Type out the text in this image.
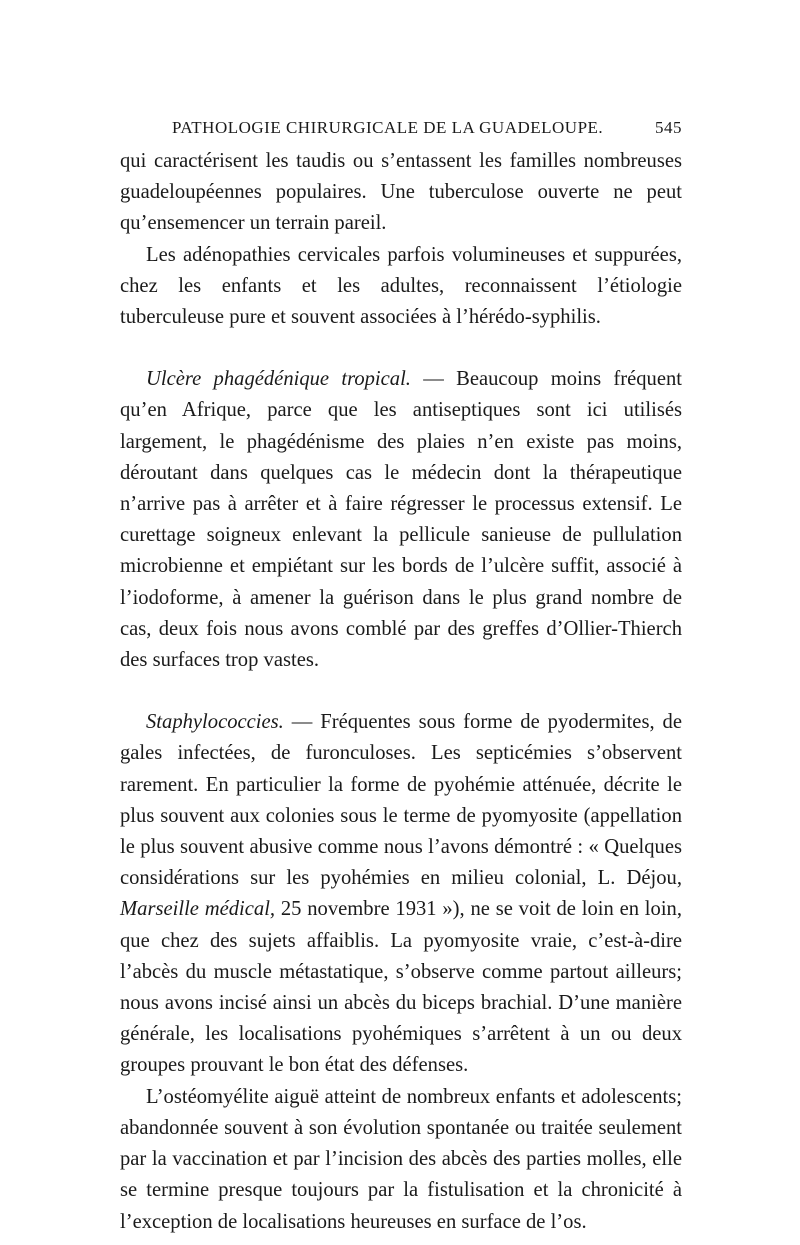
PATHOLOGIE CHIRURGICALE DE LA GUADELOUPE.	545

qui caractérisent les taudis ou s’entassent les familles nombreuses guadeloupéennes populaires. Une tuberculose ouverte ne peut qu’ensemencer un terrain pareil.

Les adénopathies cervicales parfois volumineuses et suppurées, chez les enfants et les adultes, reconnaissent l’étiologie tuberculeuse pure et souvent associées à l’hérédo-syphilis.

Ulcère phagédénique tropical. — Beaucoup moins fréquent qu’en Afrique, parce que les antiseptiques sont ici utilisés largement, le phagédénisme des plaies n’en existe pas moins, déroutant dans quelques cas le médecin dont la thérapeutique n’arrive pas à arrêter et à faire régresser le processus extensif. Le curettage soigneux enlevant la pellicule sanieuse de pullulation microbienne et empiétant sur les bords de l’ulcère suffit, associé à l’iodoforme, à amener la guérison dans le plus grand nombre de cas, deux fois nous avons comblé par des greffes d’Ollier-Thierch des surfaces trop vastes.

Staphylococcies. — Fréquentes sous forme de pyodermites, de gales infectées, de furonculoses. Les septicémies s’observent rarement. En particulier la forme de pyohémie atténuée, décrite le plus souvent aux colonies sous le terme de pyomyosite (appellation le plus souvent abusive comme nous l’avons démontré : « Quelques considérations sur les pyohémies en milieu colonial, L. Déjou, Marseille médical, 25 novembre 1931 »), ne se voit de loin en loin, que chez des sujets affaiblis. La pyomyosite vraie, c’est-à-dire l’abcès du muscle métastatique, s’observe comme partout ailleurs; nous avons incisé ainsi un abcès du biceps brachial. D’une manière générale, les localisations pyohémiques s’arrêtent à un ou deux groupes prouvant le bon état des défenses.

L’ostéomyélite aiguë atteint de nombreux enfants et adolescents; abandonnée souvent à son évolution spontanée ou traitée seulement par la vaccination et par l’incision des abcès des parties molles, elle se termine presque toujours par la fistulisation et la chronicité à l’exception de localisations heureuses en surface de l’os.
